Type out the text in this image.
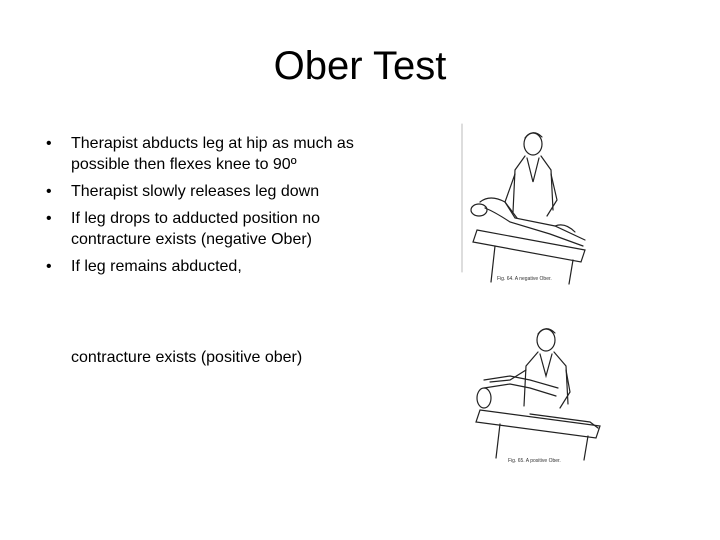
Ober Test
• Therapist abducts leg at hip as much as possible then flexes knee to 90º
• Therapist slowly releases leg down
• If leg drops to adducted position no contracture exists (negative Ober)
• If leg remains abducted,
contracture exists (positive ober)
Fig. 64. A negative Ober.
Fig. 65. A positive Ober.
